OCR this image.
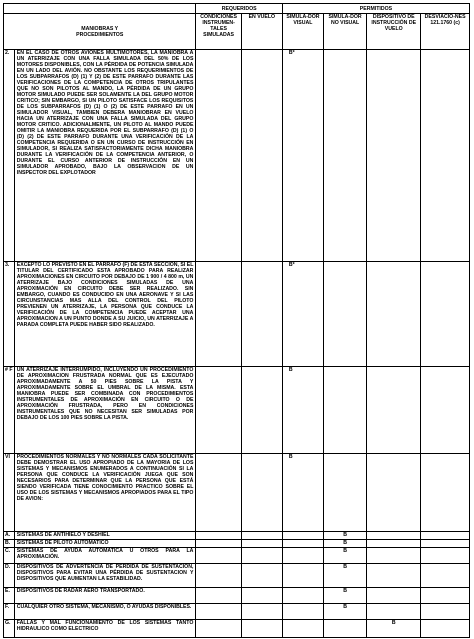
		REQUERIDOS		PERMITIDOS			
MANIOBRAS Y
PROCEDIMIENTOS		CONDICIONES INSTRUMEN-TALES SIMULADAS	EN VUELO	SIMULA-DOR VISUAL	SIMULA-DOR NO VISUAL	DISPOSITIVO DE INSTRUCCIÓN DE VUELO	DESVIACIO-NES 121.1760 (c)
2.	EN EL CASO DE OTROS AVIONES MULTIMOTORES, LA MANIOBRA A UN ATERRIZAJE CON UNA FALLA SIMULADA DEL 50% DE LOS MOTORES DISPONIBLES, CON LA PÉRDIDA DE POTENCIA SIMULADA EN UN LADO DEL AVIÓN. NO OBSTANTE LOS REQUERIMIENTOS DE LOS SUBPARRAFOS (D) (1) Y (2) DE ESTE PARRAFO DURANTE LAS VERIFICACIONES DE LA COMPETENCIA DE OTROS TRIPULANTES QUE NO SON PILOTOS AL MANDO, LA PÉRDIDA DE UN GRUPO MOTOR SIMULADO PUEDE SER SOLAMENTE LA DEL GRUPO MOTOR CRITICO; SIN EMBARGO, SI UN PILOTO SATISFACE LOS REQUISITOS DE LOS SUBPARRAFOS (D) (1) O (2) DE ESTE PARRAFO EN UN SIMULADOR VISUAL, TAMBIEN DEBERA MANIOBRAR EN VUELO HACIA UN ATERRIZAJE CON UNA FALLA SIMULADA DEL GRUPO MOTOR CRITICO. ADICIONALMENTE, UN PILOTO AL MANDO PUEDE OMITIR LA MANIOBRA REQUERIDA POR EL SUBPARRAFO (D) (1) O (D) (2) DE ESTE PARRAFO DURANTE UNA VERIFICACIÓN DE LA COMPETENCIA REQUERIDA O EN UN CURSO DE INSTRUCCIÓN EN SIMULADOR, SI REALIZA SATISFACTORIAMENTE DICHA MANIOBRA DURANTE LA VERIFICACIÓN DE LA COMPETENCIA ANTERIOR, O DURANTE EL CURSO ANTERIOR DE INSTRUCCIÓN EN UN SIMULADOR APROBADO, BAJO LA OBSERVACION DE UN INSPECTOR DEL EXPLOTADOR			B*			
3.	EXCEPTO LO PREVISTO EN EL PARRAFO (F) DE ESTA SECCION, SI EL TITULAR DEL CERTIFICADO ESTA APROBADO PARA REALIZAR APROXIMACIONES EN CIRCUITO POR DEBAJO DE 1 900 / 4 800 m, UN ATERRIZAJE BAJO CONDICIONES SIMULADAS DE UNA APROXIMACIÓN EN CIRCUITO DEBE SER REALIZADO. SIN EMBARGO, CUANDO ES CONDUCIDO EN UNA AERONAVE Y SI LAS CIRCUNSTANCIAS MAS ALLA DEL CONTROL DEL PILOTO PREVIENEN UN ATERRIZAJE, LA PERSONA QUE CONDUCE LA VERIFICACIÓN DE LA COMPETENCIA PUEDE ACEPTAR UNA APROXIMACION A UN PUNTO DONDE A SU JUICIO, UN ATERRIZAJE A PARADA COMPLETA PUEDE HABER SIDO REALIZADO.			B*			
# F	UN ATERRIZAJE INTERRUMPIDO, INCLUYENDO UN PROCEDIMIENTO DE APROXIMACION FRUSTRADA NORMAL QUE ES EJECUTADO APROXIMADAMENTE A 50 PIES SOBRE LA PISTA Y APROXIMADAMENTE SOBRE EL UMBRAL DE LA MISMA. ESTA MANIOBRA PUEDE SER COMBINADA CON PROCEDIMIENTOS INSTRUMENTALES DE APROXIMACIÓN EN CIRCUITO O DE APROXIMACIÓN FRUSTRADA, PERO EN CONDICIONES INSTRUMENTALES QUE NO NECESITAN SER SIMULADAS POR DEBAJO DE LOS 100 PIES SOBRE LA PISTA.			B			
VI	PROCEDIMIENTOS NORMALES Y NO NORMALES CADA SOLICITANTE DEBE DEMOSTRAR EL USO APROPIADO DE LA MAYORIA DE LOS SISTEMAS Y MECANISMOS ENUMERADOS A CONTINUACIÓN SI LA PERSONA QUE CONDUCE LA VERIFICACIÓN JUEGA QUE SON NECESARIOS PARA DETERMINAR QUE LA PERSONA QUE ESTÁ SIENDO VERIFICADA TIENE CONOCIMIENTO PRACTICO SOBRE EL USO DE LOS SISTEMAS Y MECANISMOS APROPIADOS PARA EL TIPO DE AVION:			B			
A.	SISTEMAS DE ANTIHIELO Y DESHIEL				B		
B.	SISTEMAS DE PILOTO AUTOMATICO				B		
C.	SISTEMAS DE AYUDA AUTOMATICA U OTROS PARA LA APROXIMACIÓN.				B		
D.	DISPOSITIVOS DE ADVERTENCIA DE PÉRDIDA DE SUSTENTACION, DISPOSITIVOS PARA EVITAR UNA PÉRDIDA DE SUSTENTACION Y DISPOSITIVOS QUE AUMENTAN LA ESTABILIDAD.				B		
E.	DISPOSITIVOS DE RADAR AERO TRANSPORTADO.				B		
F.	CUALQUIER OTRO SISTEMA, MECANISMO, O AYUDAS DISPONIBLES.				B		
G.	FALLAS Y MAL FUNCIONAMIENTO DE LOS SISTEMAS TANTO HIDRAULICO COMO ELECTRICO					B	
